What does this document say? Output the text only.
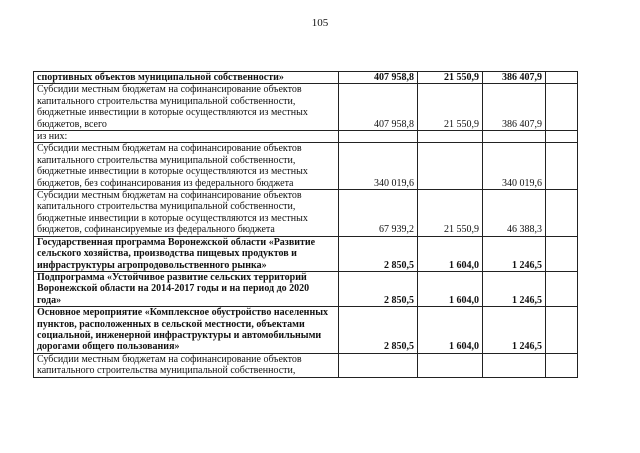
105
спортивных объектов муниципальной собственности»	407 958,8	21 550,9	386 407,9	

Субсидии местным бюджетам на софинансирование объектов капитального строительства муниципальной собственности, бюджетные инвестиции в которые осуществляются из местных бюджетов, всего	407 958,8	21 550,9	386 407,9	

из них:				

Субсидии местным бюджетам на софинансирование объектов капитального строительства муниципальной собственности, бюджетные инвестиции в которые осуществляются из местных бюджетов, без софинансирования из федерального бюджета	340 019,6		340 019,6	

Субсидии местным бюджетам на софинансирование объектов капитального строительства муниципальной собственности, бюджетные инвестиции в которые осуществляются из местных бюджетов, софинансируемые из федерального бюджета	67 939,2	21 550,9	46 388,3	

Государственная программа Воронежской области «Развитие сельского хозяйства, производства пищевых продуктов и инфраструктуры агропродовольственного рынка»	2 850,5	1 604,0	1 246,5	

Подпрограмма «Устойчивое развитие сельских территорий Воронежской области на 2014-2017 годы и на период до 2020 года»	2 850,5	1 604,0	1 246,5	

Основное мероприятие «Комплексное обустройство населенных пунктов, расположенных в сельской местности, объектами социальной, инженерной инфраструктуры и автомобильными дорогами общего пользования»	2 850,5	1 604,0	1 246,5	

Субсидии местным бюджетам на софинансирование объектов капитального строительства муниципальной собственности,				
